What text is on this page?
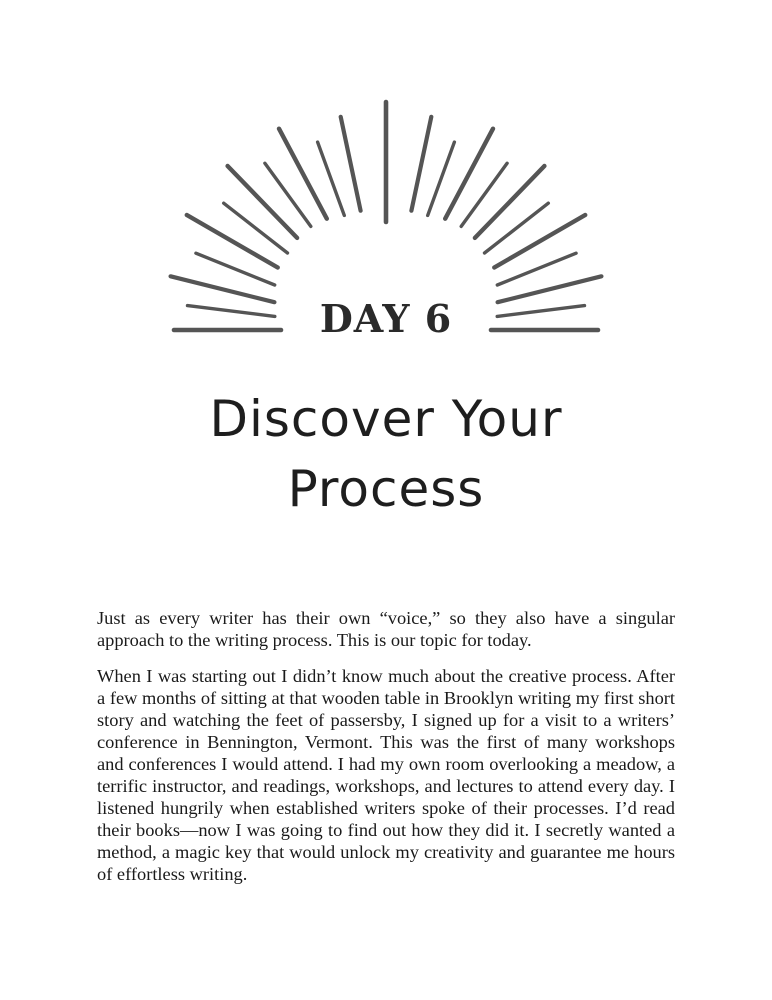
DAY 6
Discover Your
Process

Just as every writer has their own “voice,” so they also have a singular approach to the writing process. This is our topic for today.

When I was starting out I didn’t know much about the creative process. After a few months of sitting at that wooden table in Brooklyn writing my first short story and watching the feet of passersby, I signed up for a visit to a writers’ conference in Bennington, Vermont. This was the first of many workshops and conferences I would attend. I had my own room overlooking a meadow, a terrific instructor, and readings, workshops, and lectures to attend every day. I listened hungrily when established writers spoke of their processes. I’d read their books—now I was going to find out how they did it. I secretly wanted a method, a magic key that would unlock my creativity and guarantee me hours of effortless writing.
